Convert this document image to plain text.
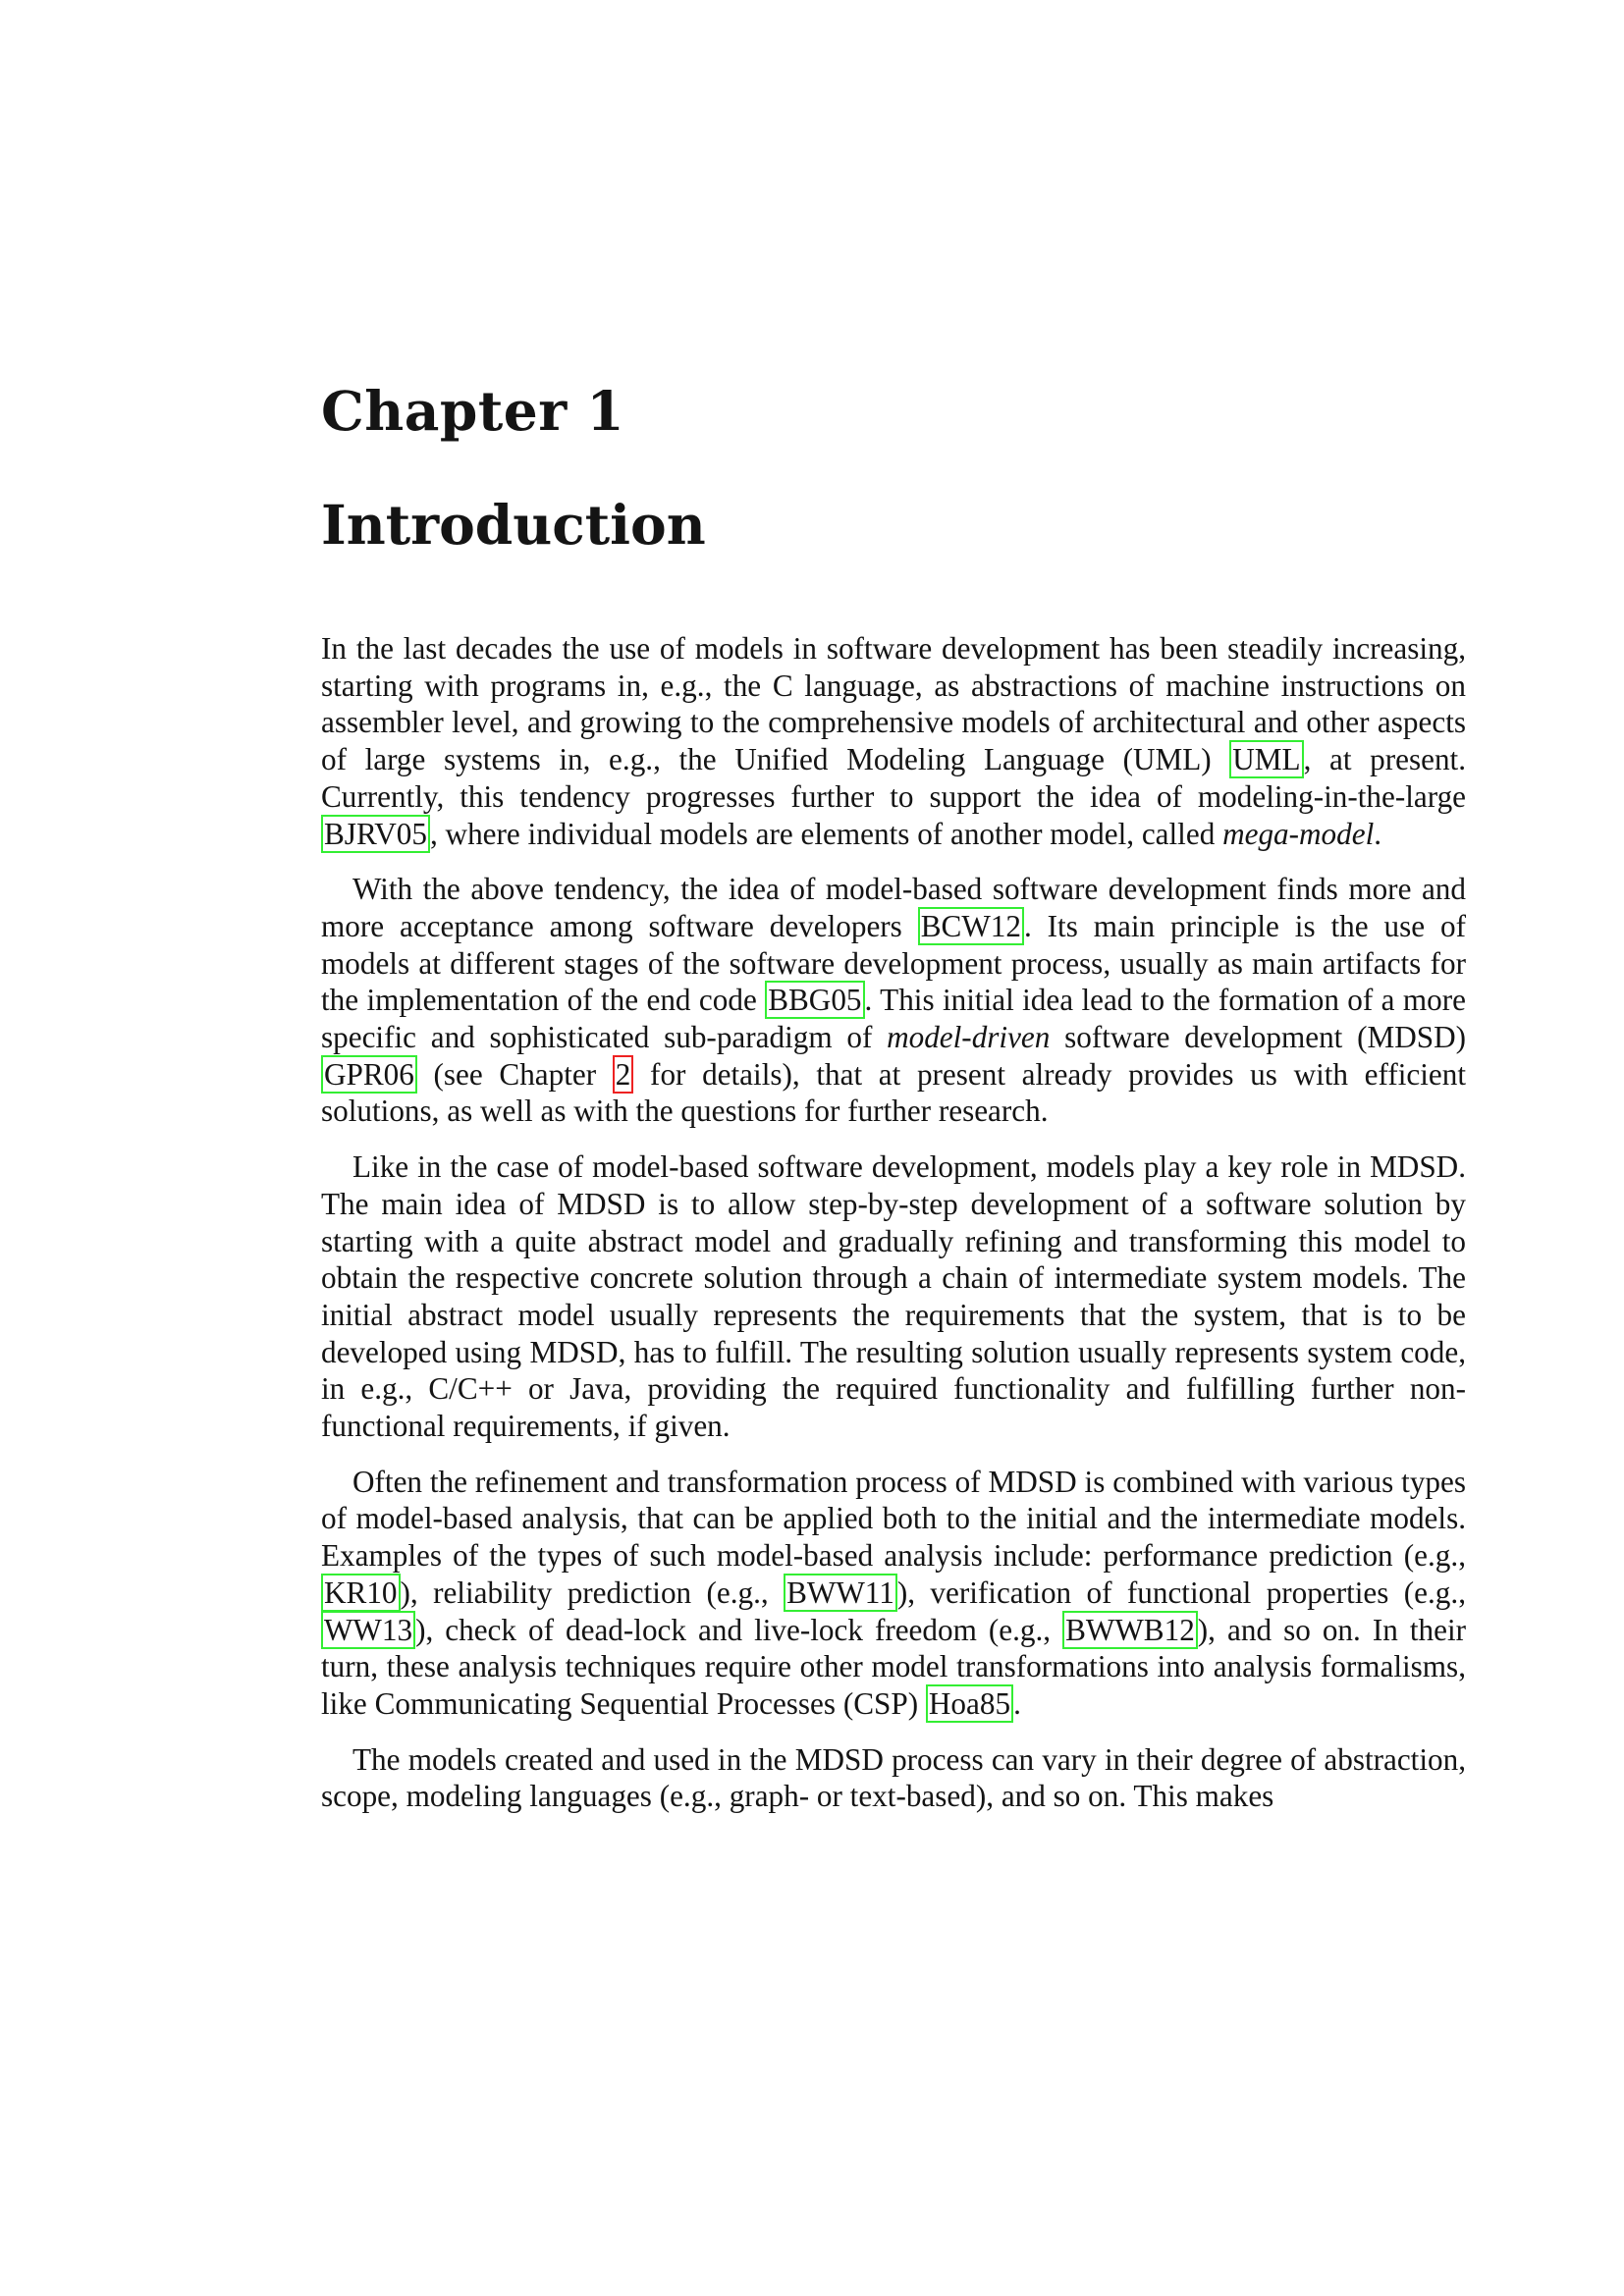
Chapter 1
Introduction

In the last decades the use of models in software development has been steadily increasing, starting with programs in, e.g., the C language, as abstractions of machine instructions on assembler level, and growing to the comprehensive models of architectural and other aspects of large systems in, e.g., the Unified Modeling Language (UML) UML, at present. Currently, this tendency progresses further to support the idea of modeling-in-the-large BJRV05, where individual models are elements of another model, called mega-model.

With the above tendency, the idea of model-based software development finds more and more acceptance among software developers BCW12. Its main principle is the use of models at different stages of the software development process, usually as main artifacts for the implementation of the end code BBG05. This initial idea lead to the formation of a more specific and sophisticated sub-paradigm of model-driven software development (MDSD) GPR06 (see Chapter 2 for details), that at present already provides us with efficient solutions, as well as with the questions for further research.

Like in the case of model-based software development, models play a key role in MDSD. The main idea of MDSD is to allow step-by-step development of a software solution by starting with a quite abstract model and gradually refining and transforming this model to obtain the respective concrete solution through a chain of intermediate system models. The initial abstract model usually represents the requirements that the system, that is to be developed using MDSD, has to fulfill. The resulting solution usually represents system code, in e.g., C/C++ or Java, providing the required functionality and fulfilling further non-functional requirements, if given.

Often the refinement and transformation process of MDSD is combined with various types of model-based analysis, that can be applied both to the initial and the intermediate models. Examples of the types of such model-based analysis include: performance prediction (e.g., KR10), reliability prediction (e.g., BWW11), verification of functional properties (e.g., WW13), check of dead-lock and live-lock freedom (e.g., BWWB12), and so on. In their turn, these analysis techniques require other model transformations into analysis formalisms, like Communicating Sequential Processes (CSP) Hoa85.

The models created and used in the MDSD process can vary in their degree of abstraction, scope, modeling languages (e.g., graph- or text-based), and so on. This makes
